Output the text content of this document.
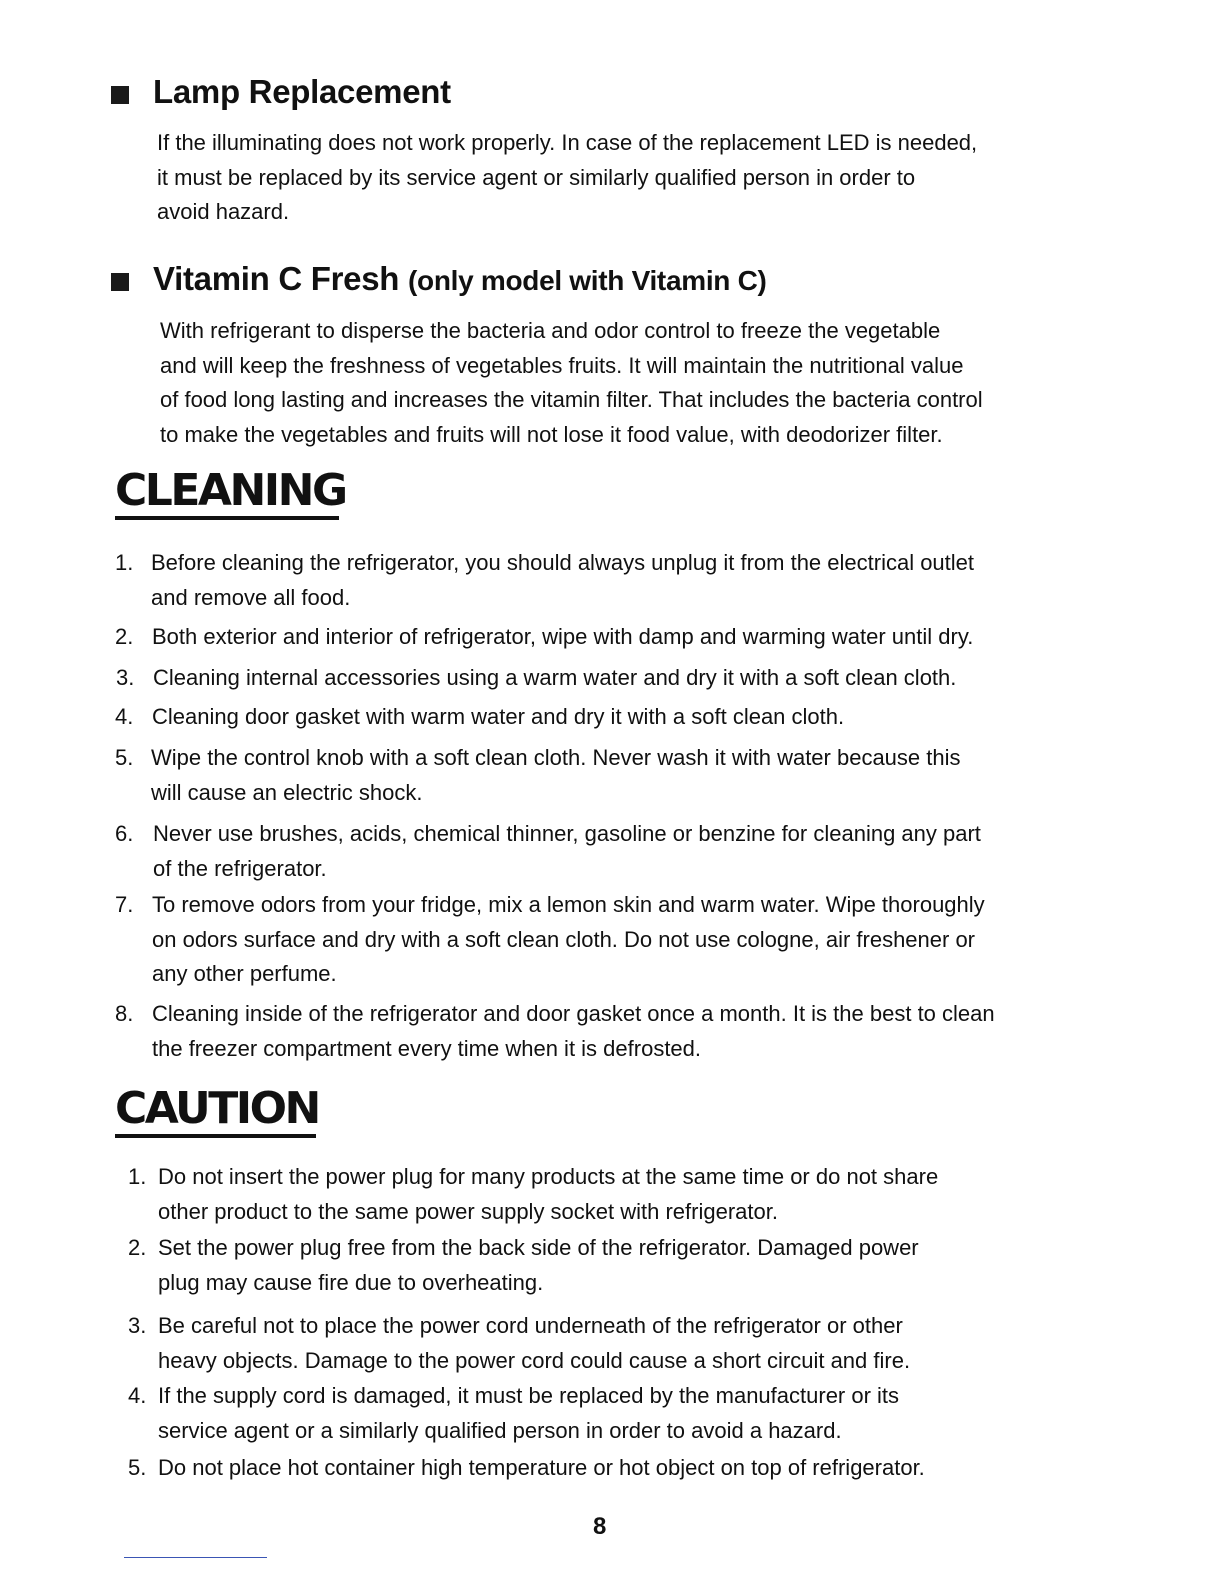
Lamp Replacement
If the illuminating does not work properly. In case of the replacement LED is needed,
it must be replaced by its service agent or similarly qualified person in order to
avoid hazard.
Vitamin C Fresh (only model with Vitamin C)
With refrigerant to disperse the bacteria and odor control to freeze the vegetable
and will keep the freshness of vegetables fruits. It will maintain the nutritional value
of food long lasting and increases the vitamin filter. That includes the bacteria control
to make the vegetables and fruits will not lose it food value, with deodorizer filter.
CLEANING
1. Before cleaning the refrigerator, you should always unplug it from the electrical outlet
and remove all food.
2. Both exterior and interior of refrigerator, wipe with damp and warming water until dry.
3. Cleaning internal accessories using a warm water and dry it with a soft clean cloth.
4. Cleaning door gasket with warm water and dry it with a soft clean cloth.
5. Wipe the control knob with a soft clean cloth. Never wash it with water because this
will cause an electric shock.
6. Never use brushes, acids, chemical thinner, gasoline or benzine for cleaning any part
of the refrigerator.
7. To remove odors from your fridge, mix a lemon skin and warm water. Wipe thoroughly
on odors surface and dry with a soft clean cloth. Do not use cologne, air freshener or
any other perfume.
8. Cleaning inside of the refrigerator and door gasket once a month. It is the best to clean
the freezer compartment every time when it is defrosted.
CAUTION
1. Do not insert the power plug for many products at the same time or do not share
other product to the same power supply socket with refrigerator.
2. Set the power plug free from the back side of the refrigerator. Damaged power
plug may cause fire due to overheating.
3. Be careful not to place the power cord underneath of the refrigerator or other
heavy objects. Damage to the power cord could cause a short circuit and fire.
4. If the supply cord is damaged, it must be replaced by the manufacturer or its
service agent or a similarly qualified person in order to avoid a hazard.
5. Do not place hot container high temperature or hot object on top of refrigerator.
8
